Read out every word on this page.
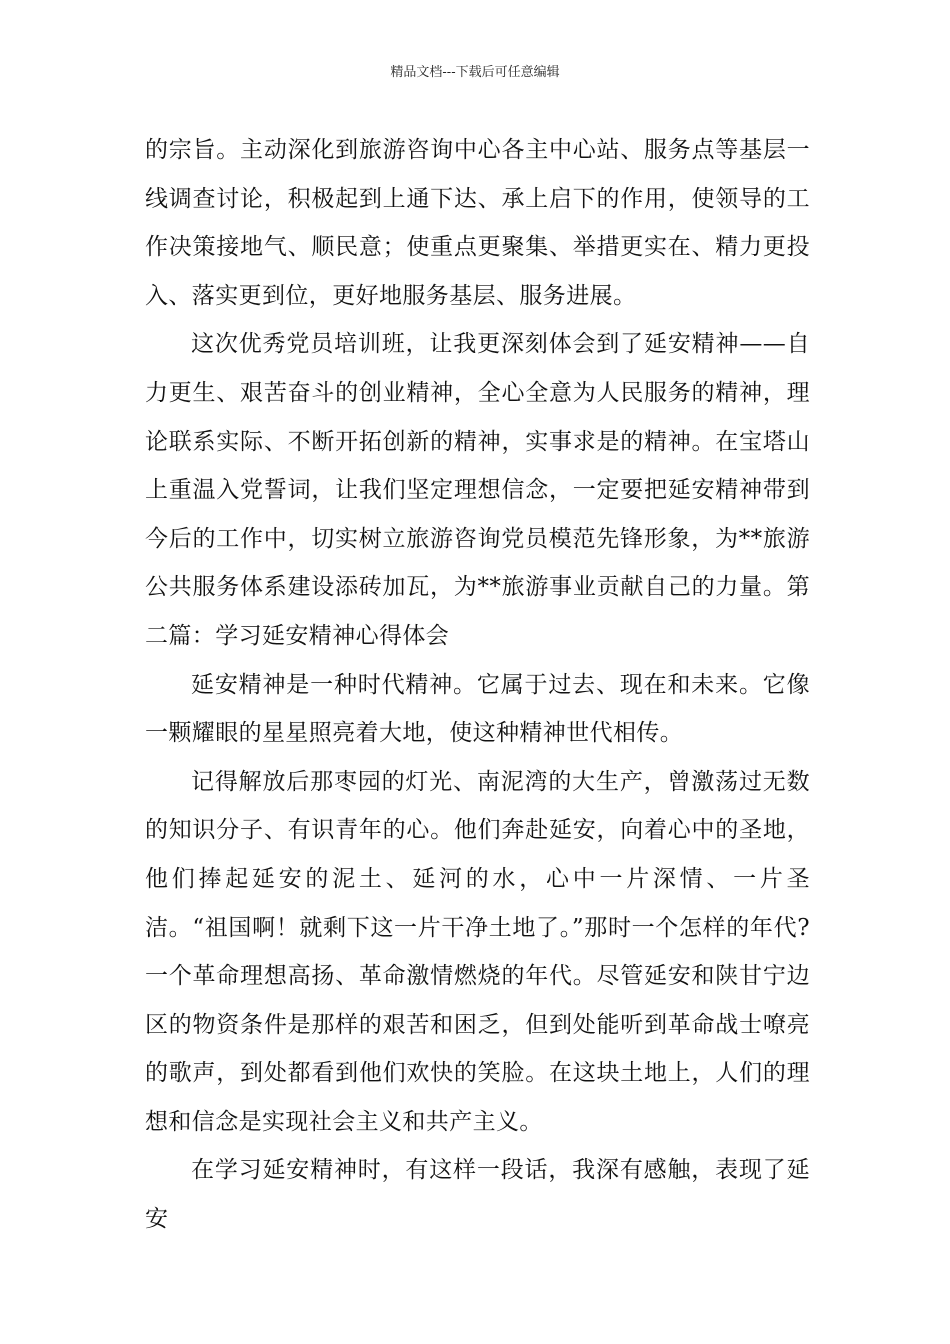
精品文档---下载后可任意编辑

的宗旨。主动深化到旅游咨询中心各主中心站、服务点等基层一线调查讨论，积极起到上通下达、承上启下的作用，使领导的工作决策接地气、顺民意；使重点更聚集、举措更实在、精力更投入、落实更到位，更好地服务基层、服务进展。

这次优秀党员培训班，让我更深刻体会到了延安精神——自力更生、艰苦奋斗的创业精神，全心全意为人民服务的精神，理论联系实际、不断开拓创新的精神，实事求是的精神。在宝塔山上重温入党誓词，让我们坚定理想信念，一定要把延安精神带到今后的工作中，切实树立旅游咨询党员模范先锋形象，为**旅游公共服务体系建设添砖加瓦，为**旅游事业贡献自己的力量。第二篇：学习延安精神心得体会

延安精神是一种时代精神。它属于过去、现在和未来。它像一颗耀眼的星星照亮着大地，使这种精神世代相传。

记得解放后那枣园的灯光、南泥湾的大生产，曾激荡过无数的知识分子、有识青年的心。他们奔赴延安，向着心中的圣地，他们捧起延安的泥土、延河的水，心中一片深情、一片圣洁。“祖国啊！就剩下这一片干净土地了。”那时一个怎样的年代?一个革命理想高扬、革命激情燃烧的年代。尽管延安和陕甘宁边区的物资条件是那样的艰苦和困乏，但到处能听到革命战士嘹亮的歌声，到处都看到他们欢快的笑脸。在这块土地上，人们的理想和信念是实现社会主义和共产主义。

在学习延安精神时，有这样一段话，我深有感触，表现了延安
